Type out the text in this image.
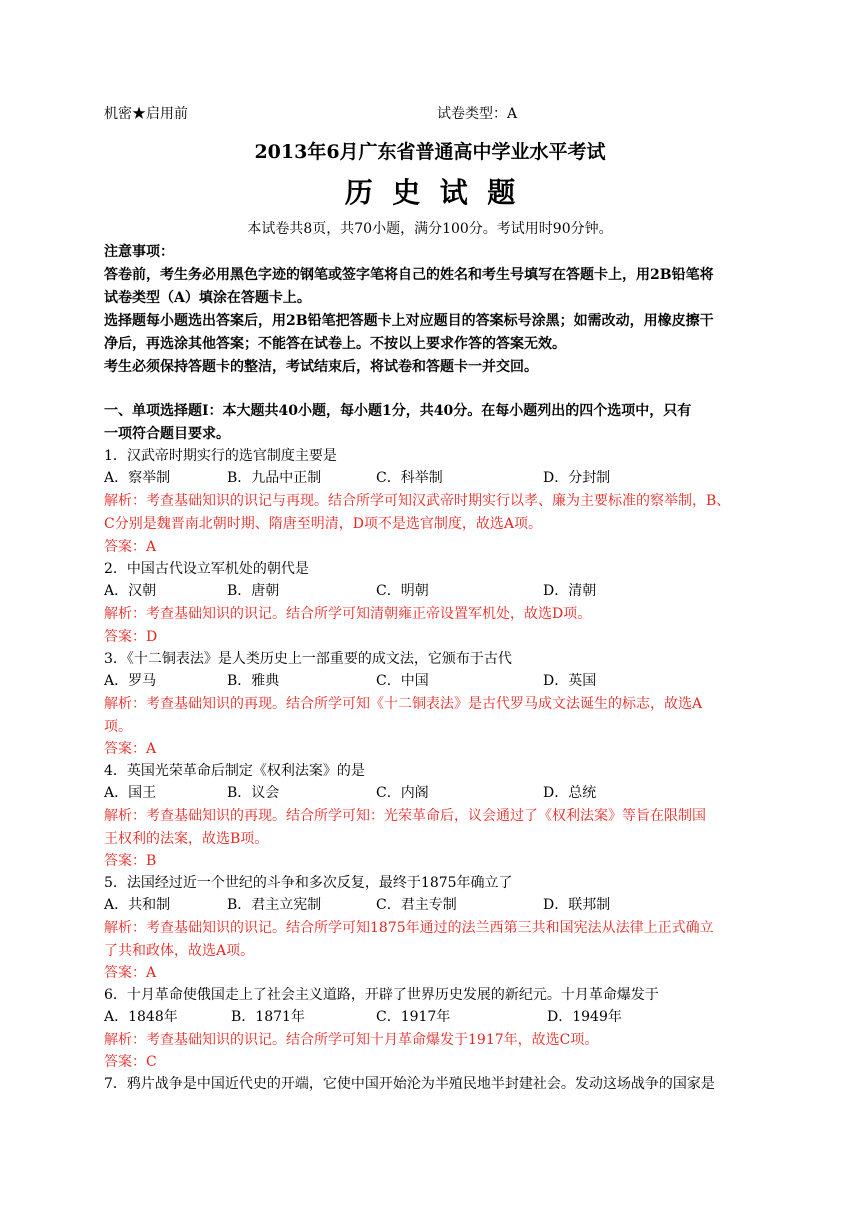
机密★启用前	试卷类型：A
2013年6月广东省普通高中学业水平考试
历  史  试  题
本试卷共8页，共70小题，满分100分。考试用时90分钟。
注意事项：
答卷前，考生务必用黑色字迹的钢笔或签字笔将自己的姓名和考生号填写在答题卡上，用2B铅笔将
试卷类型（A）填涂在答题卡上。
选择题每小题选出答案后，用2B铅笔把答题卡上对应题目的答案标号涂黑；如需改动，用橡皮擦干
净后，再选涂其他答案；不能答在试卷上。不按以上要求作答的答案无效。
考生必须保持答题卡的整洁，考试结束后，将试卷和答题卡一并交回。
一、单项选择题Ⅰ：本大题共40小题，每小题1分，共40分。在每小题列出的四个选项中，只有
一项符合题目要求。
1．汉武帝时期实行的选官制度主要是
A．察举制	B．九品中正制	C．科举制	D．分封制
解析：考查基础知识的识记与再现。结合所学可知汉武帝时期实行以孝、廉为主要标准的察举制，B、
C分别是魏晋南北朝时期、隋唐至明清，D项不是选官制度，故选A项。
答案：A
2．中国古代设立军机处的朝代是
A．汉朝	B．唐朝	C．明朝	D．清朝
解析：考查基础知识的识记。结合所学可知清朝雍正帝设置军机处，故选D项。
答案：D
3．《十二铜表法》是人类历史上一部重要的成文法，它颁布于古代
A．罗马	B．雅典	C．中国	D．英国
解析：考查基础知识的再现。结合所学可知《十二铜表法》是古代罗马成文法诞生的标志，故选A
项。
答案：A
4．英国光荣革命后制定《权利法案》的是
A．国王	B．议会	C．内阁	D．总统
解析：考查基础知识的再现。结合所学可知：光荣革命后，议会通过了《权利法案》等旨在限制国
王权利的法案，故选B项。
答案：B
5．法国经过近一个世纪的斗争和多次反复，最终于1875年确立了
A．共和制	B．君主立宪制	C．君主专制	D．联邦制
解析：考查基础知识的识记。结合所学可知1875年通过的法兰西第三共和国宪法从法律上正式确立
了共和政体，故选A项。
答案：A
6．十月革命使俄国走上了社会主义道路，开辟了世界历史发展的新纪元。十月革命爆发于
A．1848年	B．1871年	C．1917年	D．1949年
解析：考查基础知识的识记。结合所学可知十月革命爆发于1917年，故选C项。
答案：C
7．鸦片战争是中国近代史的开端，它使中国开始沦为半殖民地半封建社会。发动这场战争的国家是
